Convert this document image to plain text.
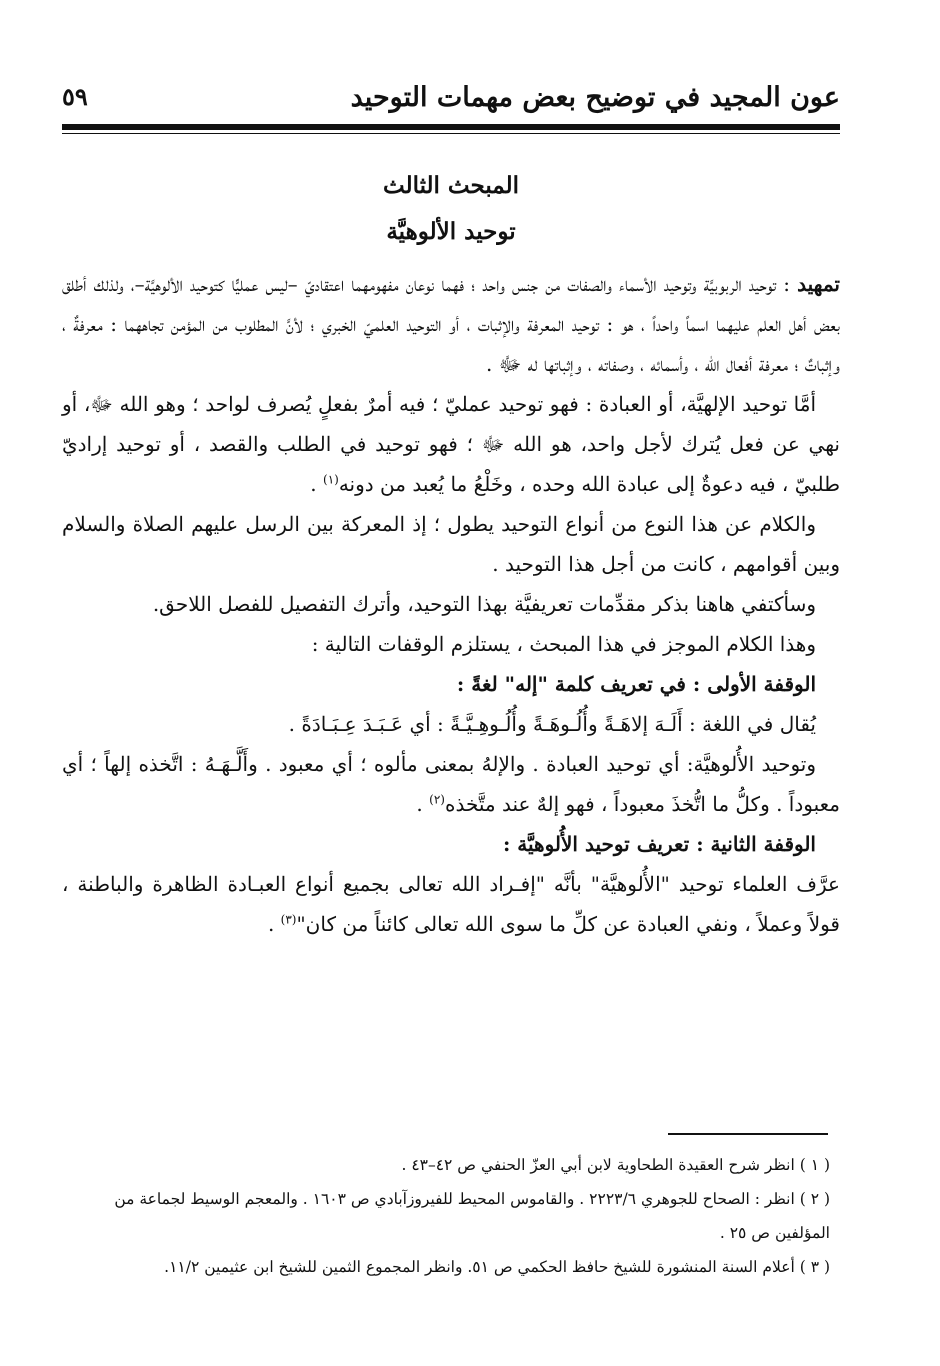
عون المجيد في توضيح بعض مهمات التوحيد
٥٩
المبحث الثالث
توحيد الألوهيَّة

تمهيد : توحيد الربوبيَّة وتوحيد الأسماء والصفات من جنس واحد ؛ فهما نوعان مفهومهما اعتقاديّ –ليس عمليًّا كتوحيد الألوهيَّة–، ولذلك أطلق بعض أهل العلم عليهما اسماً واحداً ، هو : توحيد المعرفة والإثبات ، أو التوحيد العلميّ الخبري ؛ لأنَّ المطلوب من المؤمن تجاههما : معرفةٌ ، وإثباتٌ ؛ معرفة أفعال الله ، وأسمائه ، وصفاته ، وإثباتها له ﷻ .

أمَّا توحيد الإلهيَّة، أو العبادة : فهو توحيد عمليّ ؛ فيه أمرٌ بفعلٍ يُصرف لواحد ؛ وهو الله ﷻ، أو نهي عن فعل يُترك لأجل واحد، هو الله ﷻ ؛ فهو توحيد في الطلب والقصد ، أو توحيد إراديّ طلبيّ ، فيه دعوةٌ إلى عبادة الله وحده ، وخَلْعُ ما يُعبد من دونه$^{(١)}$ .

والكلام عن هذا النوع من أنواع التوحيد يطول ؛ إذ المعركة بين الرسل عليهم الصلاة والسلام وبين أقوامهم ، كانت من أجل هذا التوحيد .

وسأكتفي هاهنا بذكر مقدِّمات تعريفيَّة بهذا التوحيد، وأترك التفصيل للفصل اللاحق.

وهذا الكلام الموجز في هذا المبحث ، يستلزم الوقفات التالية :

الوقفة الأولى : في تعريف كلمة "إله" لغةً :

يُقال في اللغة : أَلَـهَ إلاهَـةً وأُلُـوهَـةً وأُلُـوهِـيَّـةً : أي عَـبَـدَ عِـبَـادَةً .

وتوحيد الأُلوهيَّة: أي توحيد العبادة . والإلهُ بمعنى مألوه ؛ أي معبود . وأَلَّـهَـهُ : اتَّخذه إلهاً ؛ أي معبوداً . وكلُّ ما اتُّخذَ معبوداً ، فهو إلهٌ عند متَّخذه$^{(٢)}$ .

الوقفة الثانية : تعريف توحيد الأُلوهيَّة :

عرَّف العلماء توحيد "الأُلوهيَّة" بأنَّه "إفـراد الله تعالى بجميع أنواع العبـادة الظاهرة والباطنة ، قولاً وعملاً ، ونفي العبادة عن كلِّ ما سوى الله تعالى كائناً من كان"$^{(٣)}$ .

( ١ ) انظر شرح العقيدة الطحاوية لابن أبي العزّ الحنفي ص ٤٢–٤٣ .

( ٢ ) انظر : الصحاح للجوهري ٢٢٢٣/٦ . والقاموس المحيط للفيروزآبادي ص ١٦٠٣ . والمعجم الوسيط لجماعة من المؤلفين ص ٢٥ .

( ٣ ) أعلام السنة المنشورة للشيخ حافظ الحكمي ص ٥١. وانظر المجموع الثمين للشيخ ابن عثيمين ١١/٢.
